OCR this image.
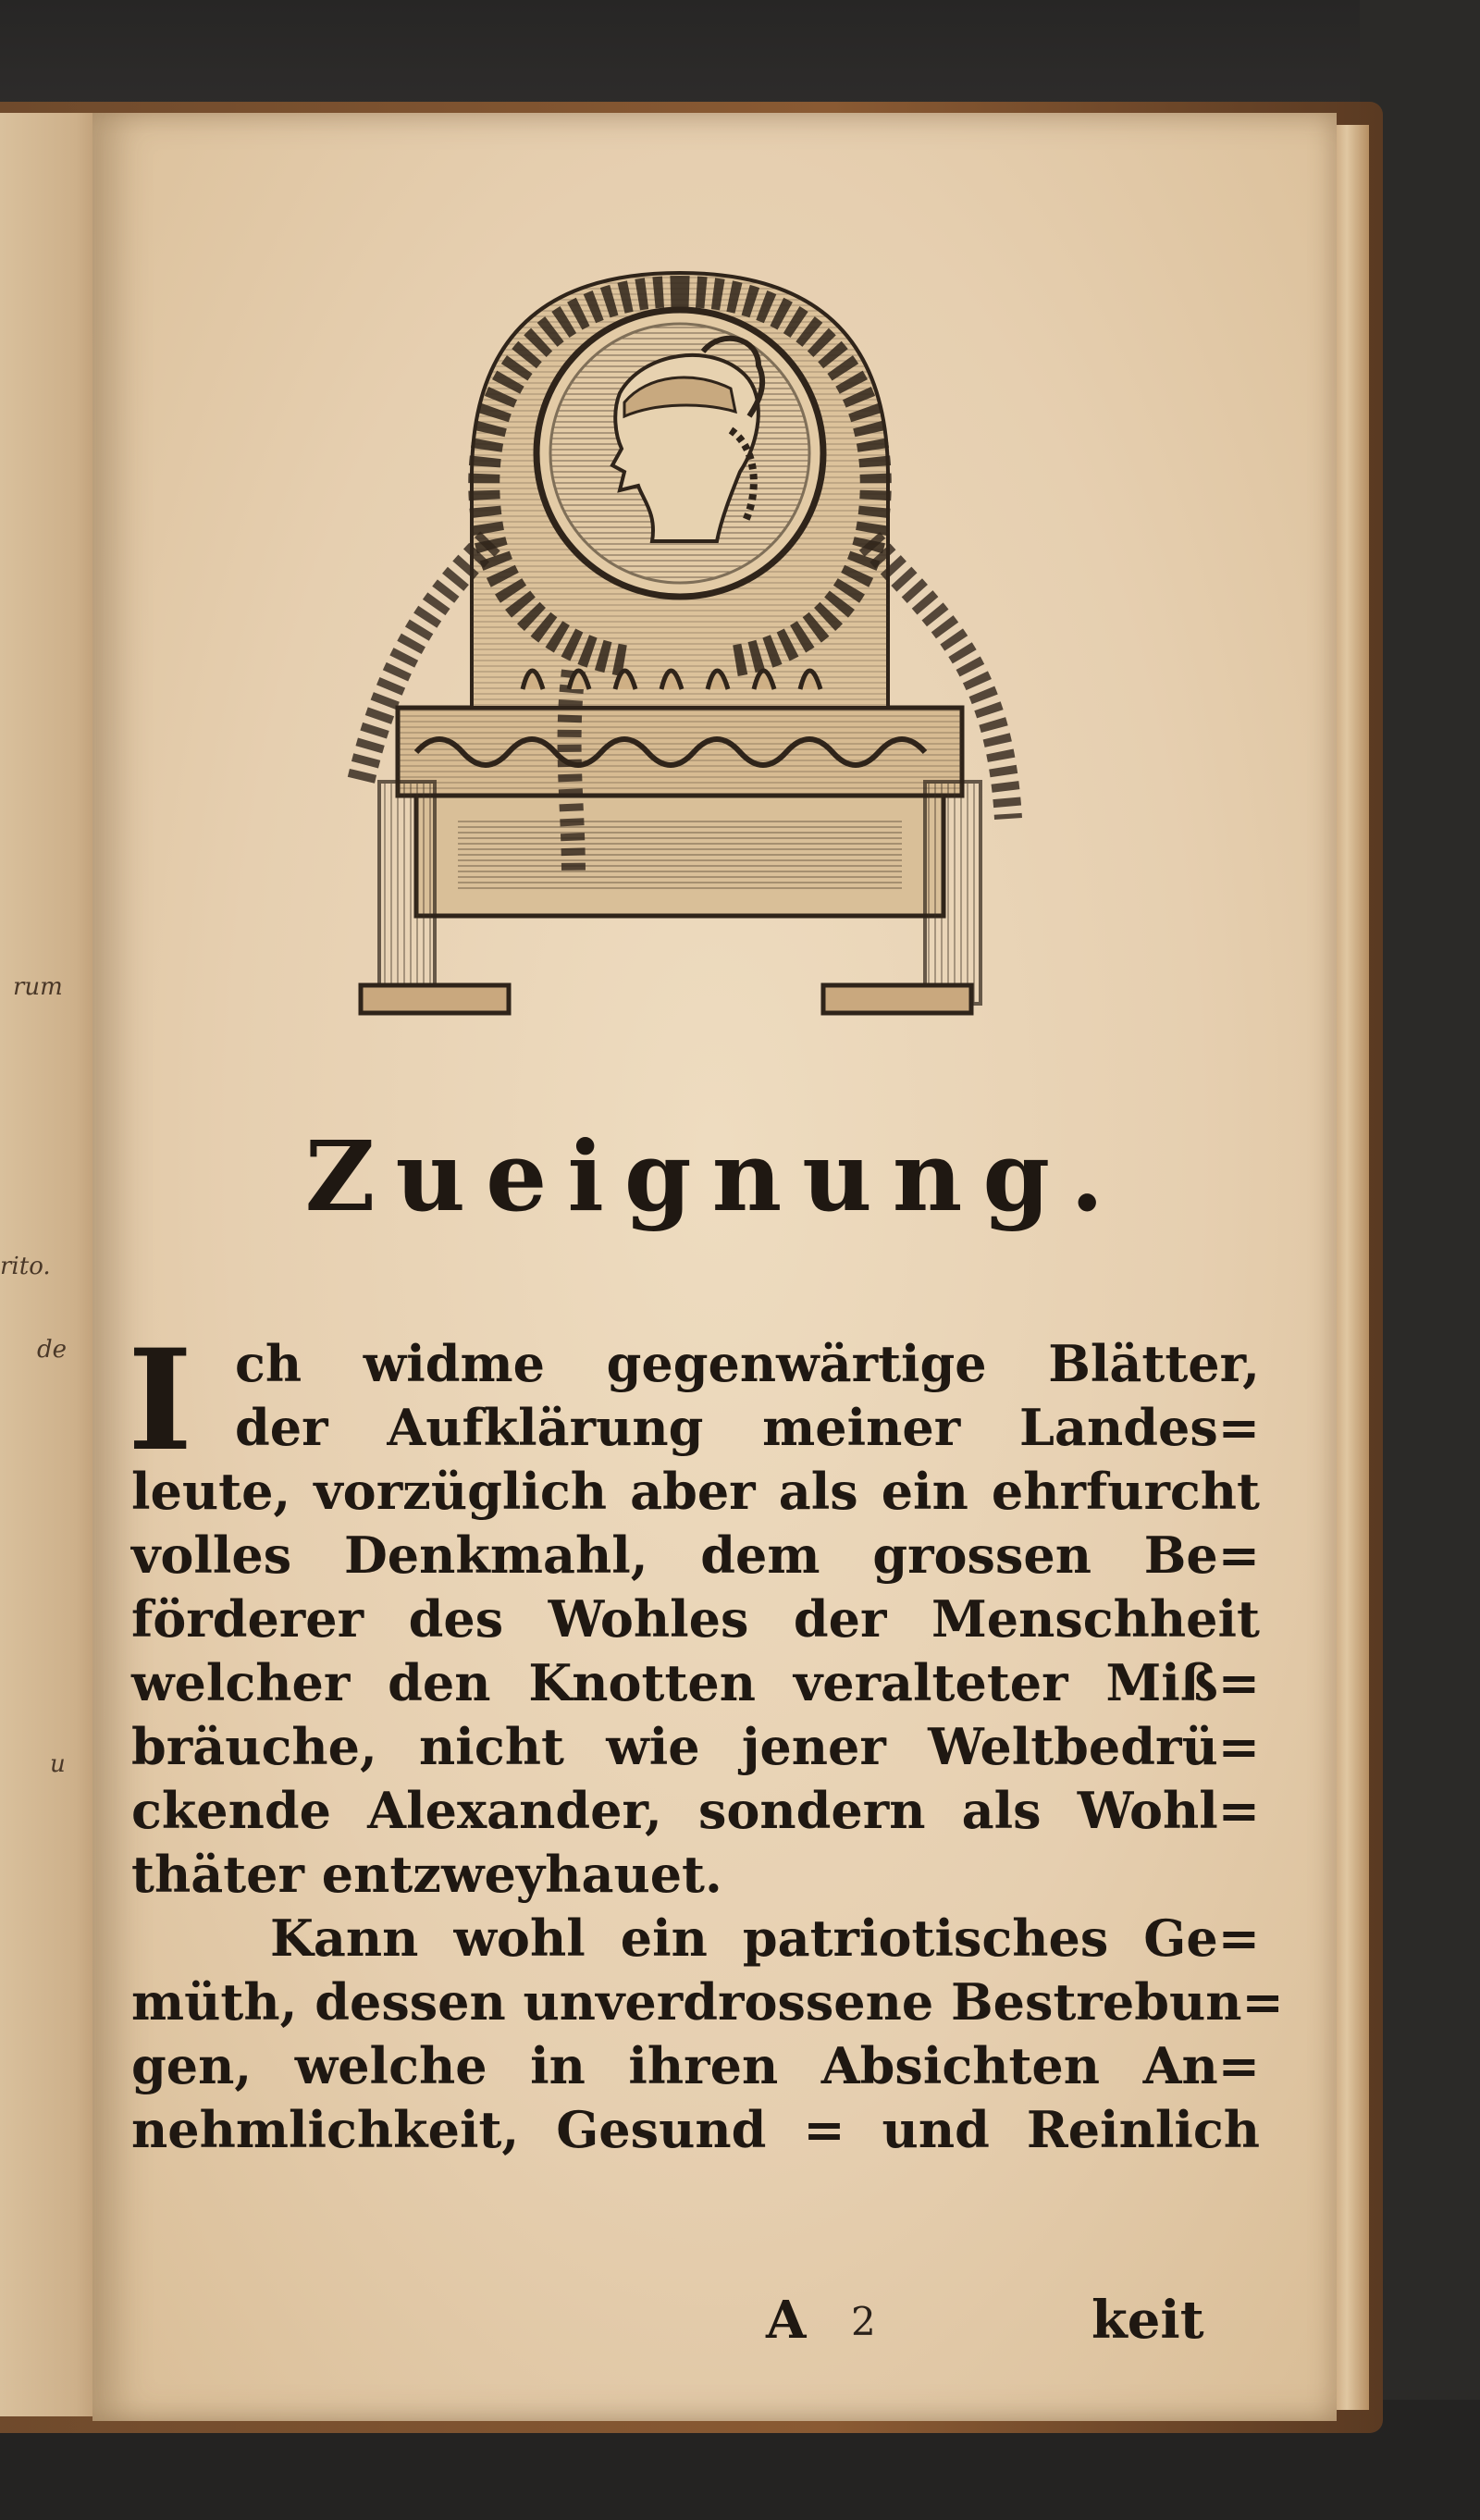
rum
rito.
de
u
Zueignung.
I ch widme gegenwärtige Blätter,
der Aufklärung meiner Landes=
leute, vorzüglich aber als ein ehrfurcht
volles Denkmahl, dem grossen Be=
förderer des Wohles der Menschheit
welcher den Knotten veralteter Miß=
bräuche, nicht wie jener Weltbedrü=
ckende Alexander, sondern als Wohl=
thäter entzweyhauet.
Kann wohl ein patriotisches Ge=
müth, dessen unverdrossene Bestrebun=
gen, welche in ihren Absichten An=
nehmlichkeit, Gesund = und Reinlich
A 2	keit
